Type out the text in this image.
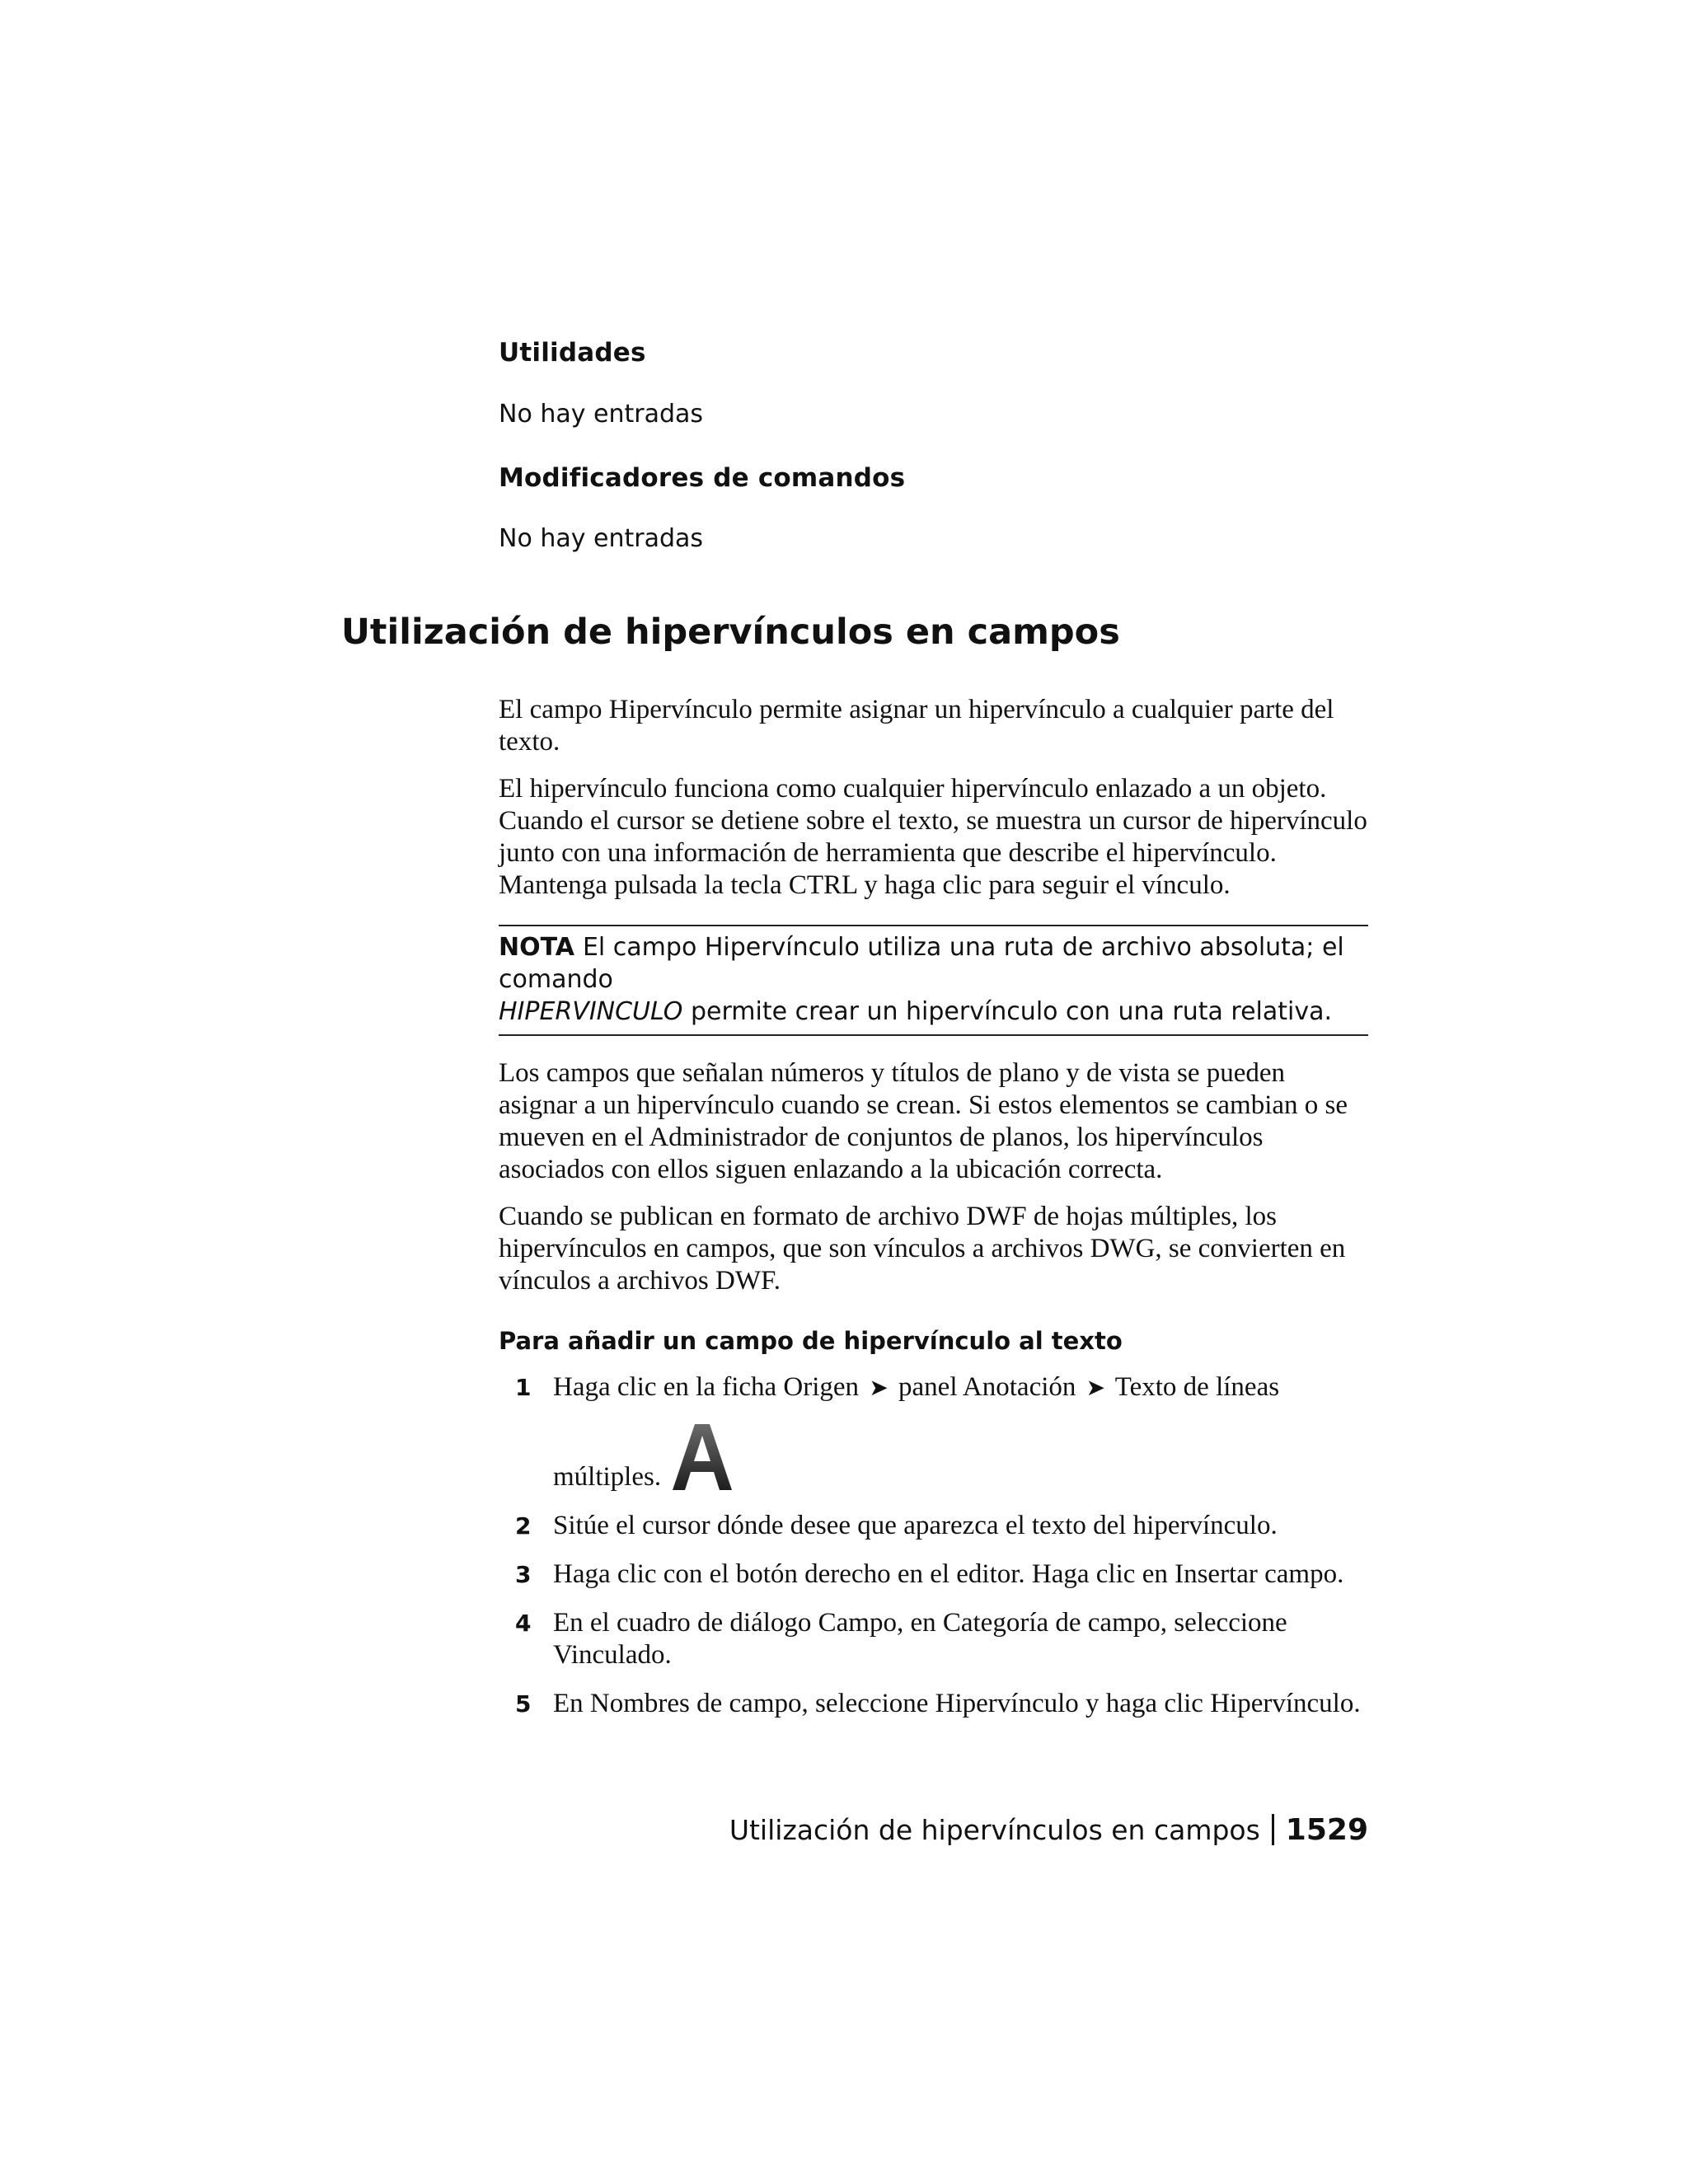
Utilidades
No hay entradas
Modificadores de comandos
No hay entradas
Utilización de hipervínculos en campos

El campo Hipervínculo permite asignar un hipervínculo a cualquier parte del texto.

El hipervínculo funciona como cualquier hipervínculo enlazado a un objeto. Cuando el cursor se detiene sobre el texto, se muestra un cursor de hipervínculo junto con una información de herramienta que describe el hipervínculo. Mantenga pulsada la tecla CTRL y haga clic para seguir el vínculo.

NOTA El campo Hipervínculo utiliza una ruta de archivo absoluta; el comando
HIPERVINCULO permite crear un hipervínculo con una ruta relativa.

Los campos que señalan números y títulos de plano y de vista se pueden asignar a un hipervínculo cuando se crean. Si estos elementos se cambian o se mueven en el Administrador de conjuntos de planos, los hipervínculos asociados con ellos siguen enlazando a la ubicación correcta.

Cuando se publican en formato de archivo DWF de hojas múltiples, los hipervínculos en campos, que son vínculos a archivos DWG, se convierten en vínculos a archivos DWF.

Para añadir un campo de hipervínculo al texto
1 Haga clic en la ficha Origen ➤ panel Anotación ➤ Texto de líneas
múltiples.
2 Sitúe el cursor dónde desee que aparezca el texto del hipervínculo.
3 Haga clic con el botón derecho en el editor. Haga clic en Insertar campo.
4 En el cuadro de diálogo Campo, en Categoría de campo, seleccione Vinculado.
5 En Nombres de campo, seleccione Hipervínculo y haga clic Hipervínculo.
Utilización de hipervínculos en campos 1529
